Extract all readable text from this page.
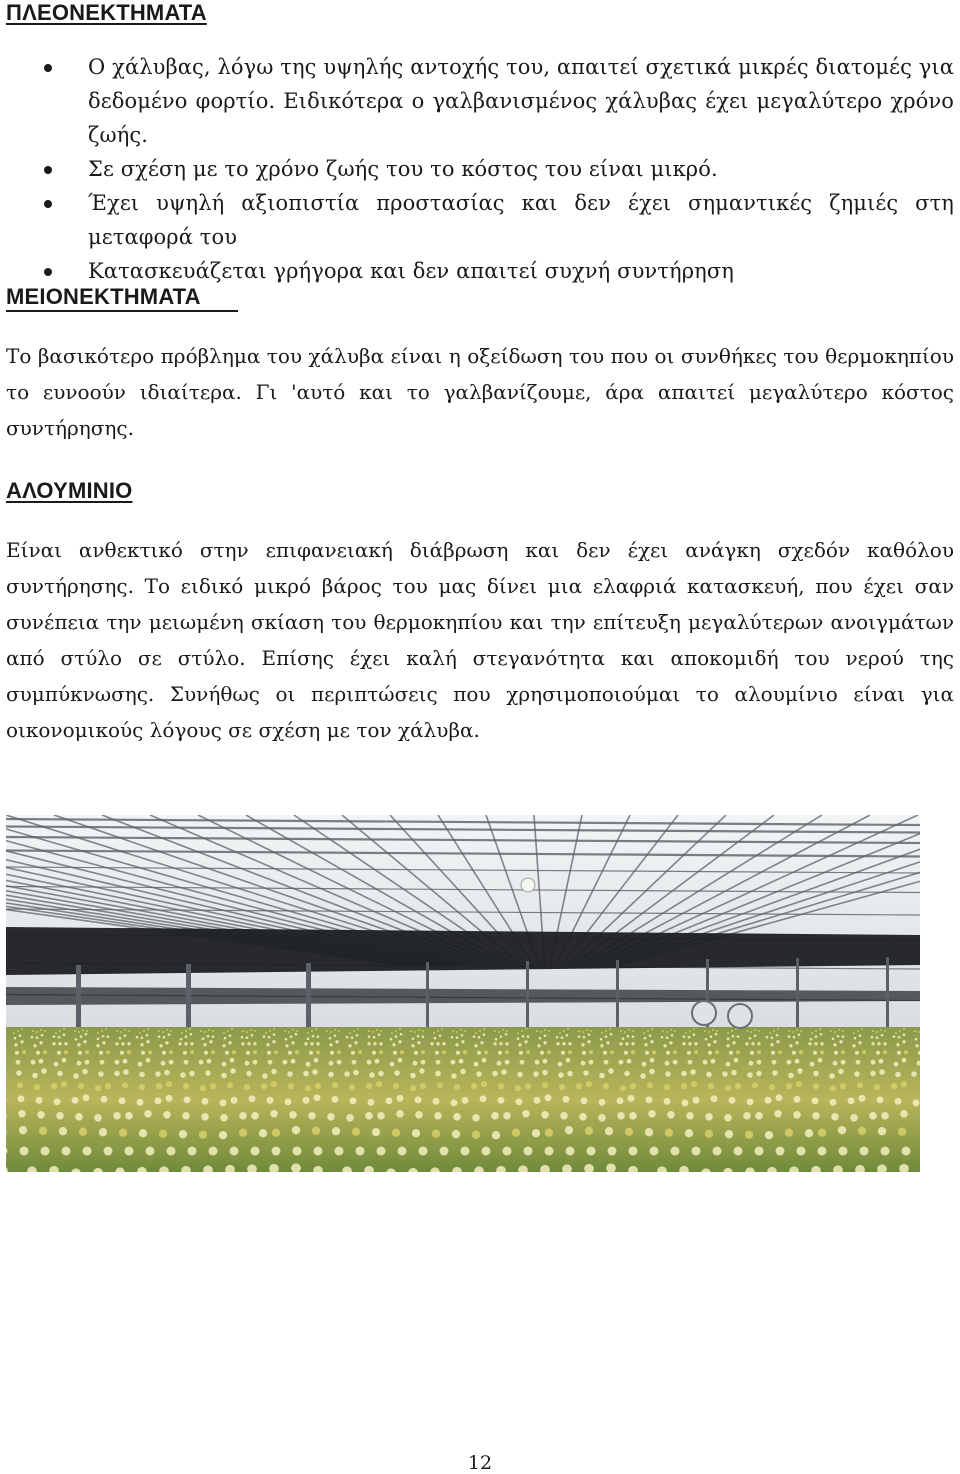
ΠΛΕΟΝΕΚΤΗΜΑΤΑ
Ο χάλυβας, λόγω της υψηλής αντοχής του, απαιτεί σχετικά μικρές διατομές για δεδομένο φορτίο. Ειδικότερα ο γαλβανισμένος χάλυβας έχει μεγαλύτερο χρόνο ζωής.
Σε σχέση με το χρόνο ζωής του το κόστος του είναι μικρό.
Έχει υψηλή αξιοπιστία προστασίας και δεν έχει σημαντικές ζημιές στη μεταφορά του
Κατασκευάζεται γρήγορα και δεν απαιτεί συχνή συντήρηση
ΜΕΙΟΝΕΚΤΗΜΑΤΑ

Το βασικότερο πρόβλημα του χάλυβα είναι η οξείδωση του που οι συνθήκες του θερμοκηπίου το ευνοούν ιδιαίτερα. Γι 'αυτό και το γαλβανίζουμε, άρα απαιτεί μεγαλύτερο κόστος συντήρησης.

ΑΛΟΥΜΙΝΙΟ

Είναι ανθεκτικό στην επιφανειακή διάβρωση και δεν έχει ανάγκη σχεδόν καθόλου συντήρησης. Το ειδικό μικρό βάρος του μας δίνει μια ελαφριά κατασκευή, που έχει σαν συνέπεια την μειωμένη σκίαση του θερμοκηπίου και την επίτευξη μεγαλύτερων ανοιγμάτων από στύλο σε στύλο. Επίσης έχει καλή στεγανότητα και αποκομιδή του νερού της συμπύκνωσης. Συνήθως οι περιπτώσεις που χρησιμοποιούμαι το αλουμίνιο είναι για οικονομικούς λόγους σε σχέση με τον χάλυβα.

12
